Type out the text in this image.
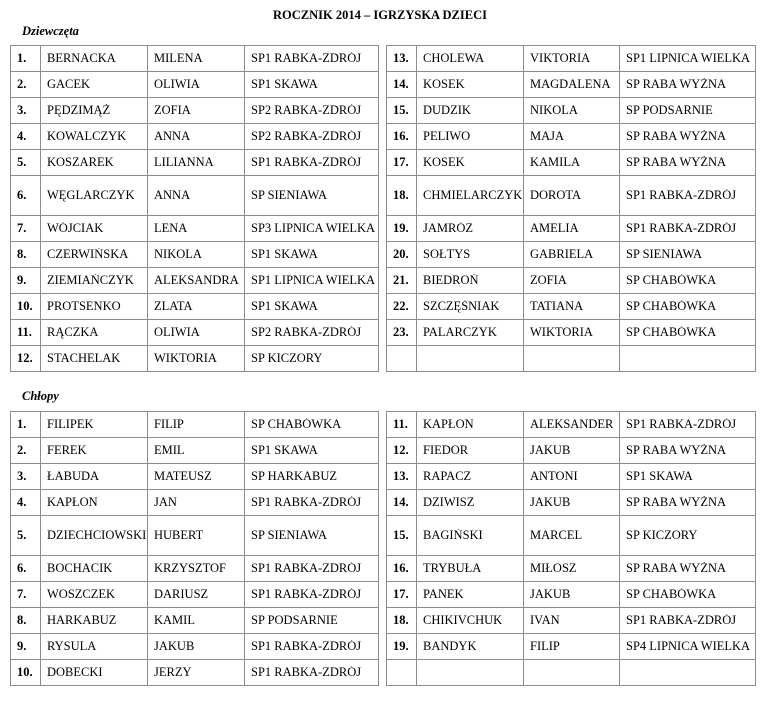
ROCZNIK 2014 – IGRZYSKA DZIECI
Dziewczęta
1.	BERNACKA	MILENA	SP1 RABKA-ZDRÓJ

2.	GACEK	OLIWIA	SP1 SKAWA

3.	PĘDZIMĄŻ	ZOFIA	SP2 RABKA-ZDRÓJ

4.	KOWALCZYK	ANNA	SP2 RABKA-ZDRÓJ

5.	KOSZAREK	LILIANNA	SP1 RABKA-ZDRÓJ

6.	WĘGLARCZYK	ANNA	SP SIENIAWA

7.	WÓJCIAK	LENA	SP3 LIPNICA WIELKA

8.	CZERWIŃSKA	NIKOLA	SP1 SKAWA

9.	ZIEMIAŃCZYK	ALEKSANDRA	SP1 LIPNICA WIELKA

10.	PROTSENKO	ZLATA	SP1 SKAWA

11.	RĄCZKA	OLIWIA	SP2 RABKA-ZDRÓJ

12.	STACHELAK	WIKTORIA	SP KICZORY
13.	CHOLEWA	VIKTORIA	SP1 LIPNICA WIELKA

14.	KOSEK	MAGDALENA	SP RABA WYŻNA

15.	DUDZIK	NIKOLA	SP PODSARNIE

16.	PELIWO	MAJA	SP RABA WYŻNA

17.	KOSEK	KAMILA	SP RABA WYŻNA

18.	CHMIELARCZYK	DOROTA	SP1 RABKA-ZDRÓJ

19.	JAMRÓZ	AMELIA	SP1 RABKA-ZDRÓJ

20.	SOŁTYS	GABRIELA	SP SIENIAWA

21.	BIEDROŃ	ZOFIA	SP CHABÓWKA

22.	SZCZĘŚNIAK	TATIANA	SP CHABÓWKA

23.	PALARCZYK	WIKTORIA	SP CHABÓWKA

Chłopy
1.	FILIPEK	FILIP	SP CHABÓWKA

2.	FEREK	EMIL	SP1 SKAWA

3.	ŁABUDA	MATEUSZ	SP HARKABUZ

4.	KAPŁON	JAN	SP1 RABKA-ZDRÓJ

5.	DZIECHCIOWSKI	HUBERT	SP SIENIAWA

6.	BOCHACIK	KRZYSZTOF	SP1 RABKA-ZDRÓJ

7.	WOSZCZEK	DARIUSZ	SP1 RABKA-ZDRÓJ

8.	HARKABUZ	KAMIL	SP PODSARNIE

9.	RYSULA	JAKUB	SP1 RABKA-ZDRÓJ

10.	DOBECKI	JERZY	SP1 RABKA-ZDRÓJ
11.	KAPŁON	ALEKSANDER	SP1 RABKA-ZDRÓJ

12.	FIEDOR	JAKUB	SP RABA WYŻNA

13.	RAPACZ	ANTONI	SP1 SKAWA

14.	DZIWISZ	JAKUB	SP RABA WYŻNA

15.	BAGIŃSKI	MARCEL	SP KICZORY

16.	TRYBUŁA	MIŁOSZ	SP RABA WYŻNA

17.	PANEK	JAKUB	SP CHABÓWKA

18.	CHIKIVCHUK	IVAN	SP1 RABKA-ZDRÓJ

19.	BANDYK	FILIP	SP4 LIPNICA WIELKA
